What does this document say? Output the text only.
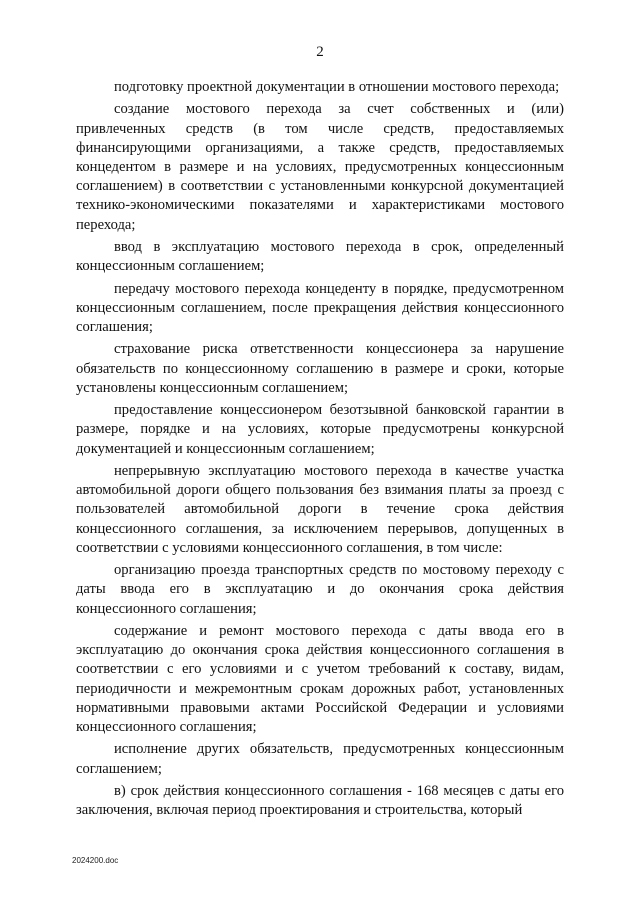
2

подготовку проектной документации в отношении мостового перехода;

создание мостового перехода за счет собственных и (или) привлеченных средств (в том числе средств, предоставляемых финансирующими организациями, а также средств, предоставляемых концедентом в размере и на условиях, предусмотренных концессионным соглашением) в соответствии с установленными конкурсной документацией технико-экономическими показателями и характеристиками мостового перехода;

ввод в эксплуатацию мостового перехода в срок, определенный концессионным соглашением;

передачу мостового перехода концеденту в порядке, предусмотренном концессионным соглашением, после прекращения действия концессионного соглашения;

страхование риска ответственности концессионера за нарушение обязательств по концессионному соглашению в размере и сроки, которые установлены концессионным соглашением;

предоставление концессионером безотзывной банковской гарантии в размере, порядке и на условиях, которые предусмотрены конкурсной документацией и концессионным соглашением;

непрерывную эксплуатацию мостового перехода в качестве участка автомобильной дороги общего пользования без взимания платы за проезд с пользователей автомобильной дороги в течение срока действия концессионного соглашения, за исключением перерывов, допущенных в соответствии с условиями концессионного соглашения, в том числе:

организацию проезда транспортных средств по мостовому переходу с даты ввода его в эксплуатацию и до окончания срока действия концессионного соглашения;

содержание и ремонт мостового перехода с даты ввода его в эксплуатацию до окончания срока действия концессионного соглашения в соответствии с его условиями и с учетом требований к составу, видам, периодичности и межремонтным срокам дорожных работ, установленных нормативными правовыми актами Российской Федерации и условиями концессионного соглашения;

исполнение других обязательств, предусмотренных концессионным соглашением;

в) срок действия концессионного соглашения - 168 месяцев с даты его заключения, включая период проектирования и строительства, который

2024200.doc
